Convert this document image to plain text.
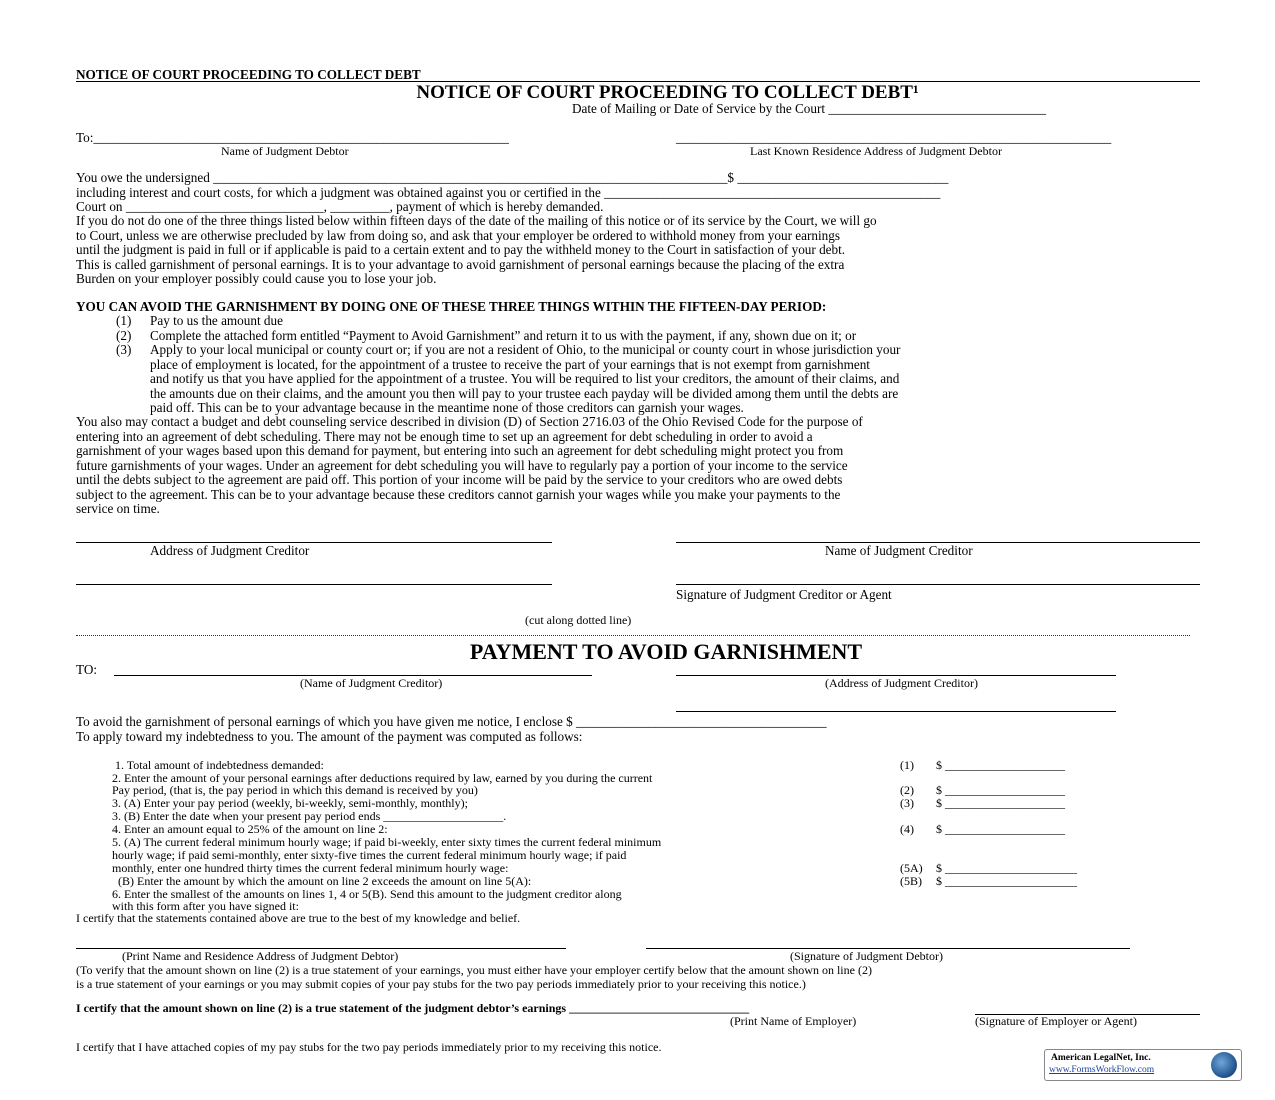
NOTICE OF COURT PROCEEDING TO COLLECT DEBT
NOTICE OF COURT PROCEEDING TO COLLECT DEBT¹
Date of Mailing or Date of Service by the Court _________________________________
To:_______________________________________________________________	__________________________________________________________________
Name of Judgment Debtor	Last Known Residence Address of Judgment Debtor
You owe the undersigned ______________________________________________________________________________$ ________________________________
including interest and court costs, for which a judgment was obtained against you or certified in the ___________________________________________________
Court on ______________________________, _________, payment of which is hereby demanded.
If you do not do one of the three things listed below within fifteen days of the date of the mailing of this notice or of its service by the Court, we will go
to Court, unless we are otherwise precluded by law from doing so, and ask that your employer be ordered to withhold money from your earnings
until the judgment is paid in full or if applicable is paid to a certain extent and to pay the withheld money to the Court in satisfaction of your debt.
This is called garnishment of personal earnings. It is to your advantage to avoid garnishment of personal earnings because the placing of the extra
Burden on your employer possibly could cause you to lose your job.
YOU CAN AVOID THE GARNISHMENT BY DOING ONE OF THESE THREE THINGS WITHIN THE FIFTEEN-DAY PERIOD:
(1) Pay to us the amount due
(2) Complete the attached form entitled “Payment to Avoid Garnishment” and return it to us with the payment, if any, shown due on it; or
(3) Apply to your local municipal or county court or; if you are not a resident of Ohio, to the municipal or county court in whose jurisdiction your
place of employment is located, for the appointment of a trustee to receive the part of your earnings that is not exempt from garnishment
and notify us that you have applied for the appointment of a trustee. You will be required to list your creditors, the amount of their claims, and
the amounts due on their claims, and the amount you then will pay to your trustee each payday will be divided among them until the debts are
paid off. This can be to your advantage because in the meantime none of those creditors can garnish your wages.
You also may contact a budget and debt counseling service described in division (D) of Section 2716.03 of the Ohio Revised Code for the purpose of
entering into an agreement of debt scheduling. There may not be enough time to set up an agreement for debt scheduling in order to avoid a
garnishment of your wages based upon this demand for payment, but entering into such an agreement for debt scheduling might protect you from
future garnishments of your wages. Under an agreement for debt scheduling you will have to regularly pay a portion of your income to the service
until the debts subject to the agreement are paid off. This portion of your income will be paid by the service to your creditors who are owed debts
subject to the agreement. This can be to your advantage because these creditors cannot garnish your wages while you make your payments to the
service on time.
Address of Judgment Creditor	Name of Judgment Creditor
Signature of Judgment Creditor or Agent
(cut along dotted line)
PAYMENT TO AVOID GARNISHMENT
TO:
(Name of Judgment Creditor)	(Address of Judgment Creditor)
To avoid the garnishment of personal earnings of which you have given me notice, I enclose $ ______________________________________
To apply toward my indebtedness to you. The amount of the payment was computed as follows:
1. Total amount of indebtedness demanded:	(1) $ ____________________
2. Enter the amount of your personal earnings after deductions required by law, earned by you during the current
Pay period, (that is, the pay period in which this demand is received by you)	(2) $ ____________________
3. (A) Enter your pay period (weekly, bi-weekly, semi-monthly, monthly);	(3) $ ____________________
3. (B) Enter the date when your present pay period ends ____________________.
4. Enter an amount equal to 25% of the amount on line 2:	(4) $ ____________________
5. (A) The current federal minimum hourly wage; if paid bi-weekly, enter sixty times the current federal minimum
hourly wage; if paid semi-monthly, enter sixty-five times the current federal minimum hourly wage; if paid
monthly, enter one hundred thirty times the current federal minimum hourly wage:	(5A) $ ______________________
(B) Enter the amount by which the amount on line 2 exceeds the amount on line 5(A):	(5B) $ ______________________
6. Enter the smallest of the amounts on lines 1, 4 or 5(B). Send this amount to the judgment creditor along
with this form after you have signed it:
I certify that the statements contained above are true to the best of my knowledge and belief.
(Print Name and Residence Address of Judgment Debtor)	(Signature of Judgment Debtor)
(To verify that the amount shown on line (2) is a true statement of your earnings, you must either have your employer certify below that the amount shown on line (2)
is a true statement of your earnings or you may submit copies of your pay stubs for the two pay periods immediately prior to your receiving this notice.)
I certify that the amount shown on line (2) is a true statement of the judgment debtor’s earnings ______________________________
(Print Name of Employer)	(Signature of Employer or Agent)
I certify that I have attached copies of my pay stubs for the two pay periods immediately prior to my receiving this notice.
American LegalNet, Inc.
www.FormsWorkFlow.com
